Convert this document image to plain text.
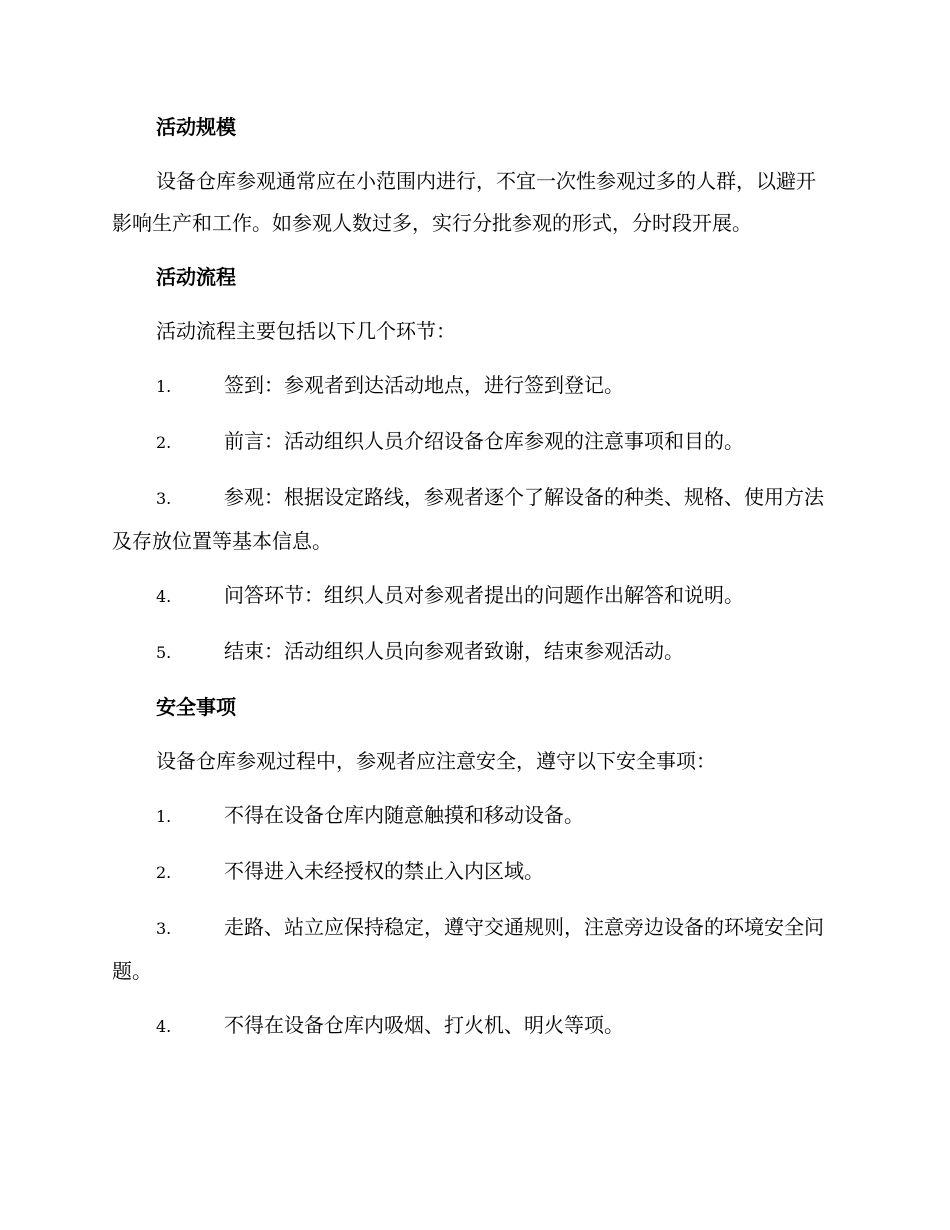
活动规模

设备仓库参观通常应在小范围内进行，不宜一次性参观过多的人群，以避开影响生产和工作。如参观人数过多，实行分批参观的形式，分时段开展。

活动流程

活动流程主要包括以下几个环节：

1.	签到：参观者到达活动地点，进行签到登记。

2.	前言：活动组织人员介绍设备仓库参观的注意事项和目的。

3.	参观：根据设定路线，参观者逐个了解设备的种类、规格、使用方法及存放位置等基本信息。

4.	问答环节：组织人员对参观者提出的问题作出解答和说明。

5.	结束：活动组织人员向参观者致谢，结束参观活动。

安全事项

设备仓库参观过程中，参观者应注意安全，遵守以下安全事项：

1.	不得在设备仓库内随意触摸和移动设备。

2.	不得进入未经授权的禁止入内区域。

3.	走路、站立应保持稳定，遵守交通规则，注意旁边设备的环境安全问题。

4.	不得在设备仓库内吸烟、打火机、明火等项。
